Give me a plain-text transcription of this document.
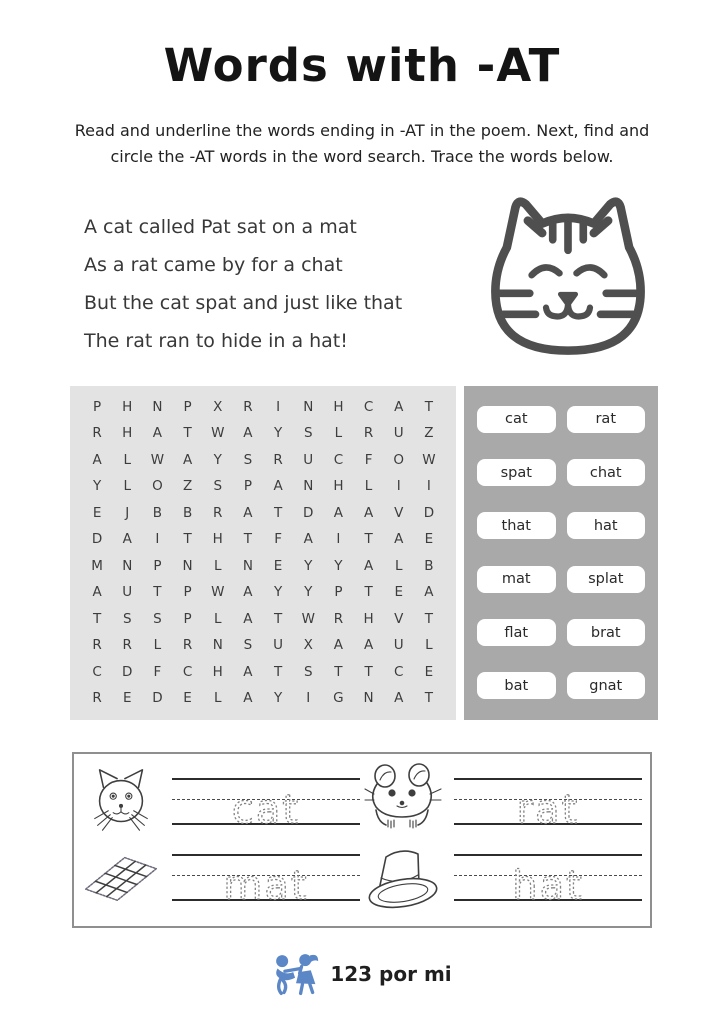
Words with -AT

Read and underline the words ending in -AT in the poem. Next, find and circle the -AT words in the word search. Trace the words below.

A cat called Pat sat on a mat

As a rat came by for a chat

But the cat spat and just like that

The rat ran to hide in a hat!

P	H	N	P	X	R	I	N	H	C	A	T
R	H	A	T	W	A	Y	S	L	R	U	Z
A	L	W	A	Y	S	R	U	C	F	O	W
Y	L	O	Z	S	P	A	N	H	L	I	I
E	J	B	B	R	A	T	D	A	A	V	D
D	A	I	T	H	T	F	A	I	T	A	E
M	N	P	N	L	N	E	Y	Y	A	L	B
A	U	T	P	W	A	Y	Y	P	T	E	A
T	S	S	P	L	A	T	W	R	H	V	T
R	R	L	R	N	S	U	X	A	A	U	L
C	D	F	C	H	A	T	S	T	T	C	E
R	E	D	E	L	A	Y	I	G	N	A	T
cat	rat
spat	chat
that	hat
mat	splat
flat	brat
bat	gnat
cat	rat
mat	hat
123 por mi
